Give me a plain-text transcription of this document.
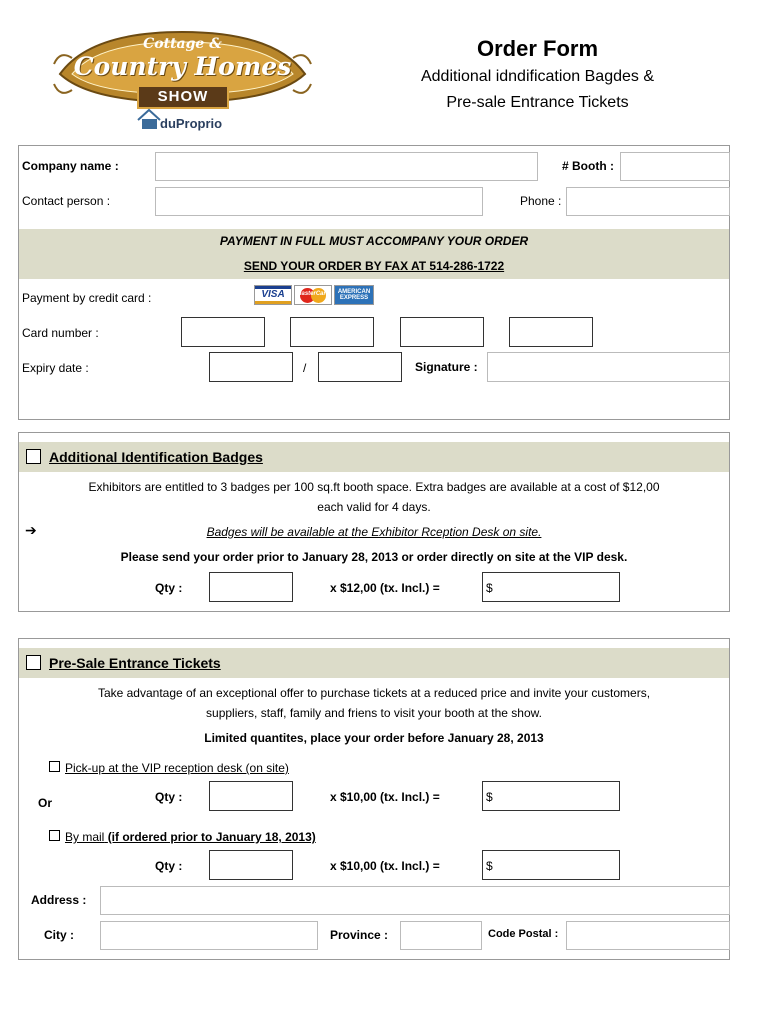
Cottage &
Country Homes
SHOW
duProprio
Order Form
Additional idndification Bagdes &
Pre-sale Entrance Tickets
Company name :	# Booth :
Contact person :	Phone :
PAYMENT IN FULL MUST ACCOMPANY YOUR ORDER
SEND YOUR ORDER BY FAX AT 514-286-1722
Payment by credit card :	VISA	MasterCard	AMERICAN
EXPRESS
Card number :
Expiry date :	/	Signature :
Additional Identification Badges
Exhibitors are entitled to 3 badges per 100 sq.ft booth space. Extra badges are available at a cost of $12,00
each valid for 4 days.
➔	Badges will be available at the Exhibitor Rception Desk on site.
Please send your order prior to January 28, 2013 or order directly on site at the VIP desk.
Qty :	x $12,00 (tx. Incl.) =	$
Pre-Sale Entrance Tickets
Take advantage of an exceptional offer to purchase tickets at a reduced price and invite your customers,
suppliers, staff, family and friens to visit your booth at the show.
Limited quantites, place your order before January 28, 2013
Pick-up at the VIP reception desk (on site)
Or	Qty :	x $10,00 (tx. Incl.) =	$
By mail (if ordered prior to January 18, 2013)
Qty :	x $10,00 (tx. Incl.) =	$
Address :
City :	Province :	Code Postal :
